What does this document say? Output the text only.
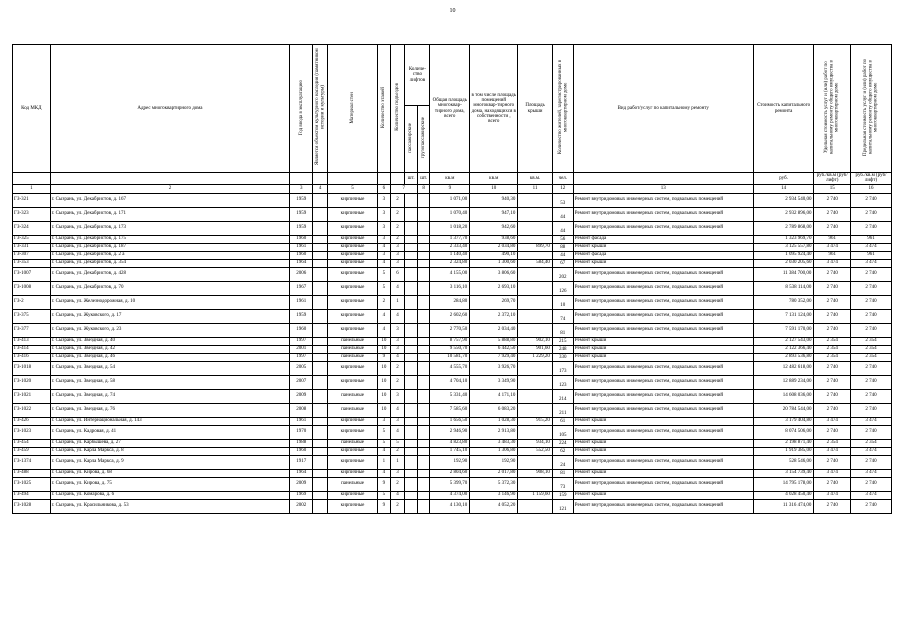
10
Код МКД	Адрес многоквартирного дома	Год ввода в эксплуатацию	Является объектом культурного наследия (памятником истории и культуры)	Материал стен	Количество этажей	Количество подъездов	Количе-ство лифтов		Общая площадь многоквар-тирного дома, всего	в том числе площадь помещений многоквар-тирного дома, находящихся в собственности , всего	Площадь крыши	Количество жителей, зарегистрированных в многоквартирном доме	Вид работ/услуг по капитальному ремонту	Стоимость капитального ремонта	Удельная стоимость услуг и (или) работ по капитальному ремонту общего имущества в многоквартирном доме	Предельная стоимость услуг и (или) работ по капитальному ремонту общего имущества в многоквартирном доме
							пассажирские	грузопассажирские								
							шт.	шт.	кв.м	кв.м	кв.м.	чел.		руб.	руб./кв.м (руб/лифт)	руб./кв.м (руб/лифт)
1	2	3	4	5	6	7		8	9	10	11	12	13	14	15	16
ГЗ-321	г. Сызрань, ул. Декабристов, д. 167	1959		кирпичные	3	2			1 071,00	940,30		53	Ремонт внутридомовых инженерных систем, подвальных помещений	2 934 540,00	2 740	2 740
ГЗ-323	г. Сызрань, ул. Декабристов, д. 171	1959		кирпичные	3	2			1 070,40	947,10		44	Ремонт внутридомовых инженерных систем, подвальных помещений	2 932 896,00	2 740	2 740
ГЗ-324	г. Сызрань, ул. Декабристов, д. 173	1959		кирпичные	3	2			1 018,20	942,60		44	Ремонт внутридомовых инженерных систем, подвальных помещений	2 789 868,00	2 740	2 740
ГЗ-325	г. Сызрань, ул. Декабристов, д. 175	1960		кирпичные	3	2			1 377,70	938,60		56	Ремонт фасада	1 323 969,70	961	961
ГЗ-331	г. Сызрань, ул. Декабристов, д. 187	1961		кирпичные	4	3			2 333,40	2 034,80	899,70	88	Ремонт крыши	3 125 557,80	3 474	3 474
ГЗ-307	г. Сызрань, ул. Декабристов, д. 2 а	1960		кирпичные	3	3			1 140,40	490,10		44	Ремонт фасада	1 095 924,40	961	961
ГЗ-353	г. Сызрань, ул. Декабристов, д. 354	1964		кирпичные	4	3			2 324,80	1 300,60	584,40	67	Ремонт крыши	2 030 205,60	3 474	3 474
ГЗ-1007	г. Сызрань, ул. Декабристов, д. 428	2006		кирпичные	5	6			4 155,00	3 806,60		202	Ремонт внутридомовых инженерных систем, подвальных помещений	11 384 700,00	2 740	2 740
ГЗ-1008	г. Сызрань, ул. Декабристов, д. 70	1967		кирпичные	5	4			3 116,10	2 693,10		126	Ремонт внутридомовых инженерных систем, подвальных помещений	8 538 114,00	2 740	2 740
ГЗ-2	г. Сызрань, ул. Железнодорожная, д. 10	1961		кирпичные	2	1			284,80	269,70		10	Ремонт внутридомовых инженерных систем, подвальных помещений	780 352,00	2 740	2 740
ГЗ-375	г. Сызрань, ул. Жуковского, д. 17	1959		кирпичные	4	4			2 602,60	2 372,10		74	Ремонт внутридомовых инженерных систем, подвальных помещений	7 131 124,00	2 740	2 740
ГЗ-377	г. Сызрань, ул. Жуковского, д. 23	1960		кирпичные	4	3			2 770,50	2 034,40		81	Ремонт внутридомовых инженерных систем, подвальных помещений	7 591 170,00	2 740	2 740
ГЗ-413	г. Сызрань, ул. Звездная, д. 40	1997		панельные	10	3			8 757,90	5 888,80	902,10	215	Ремонт крыши	2 127 543,00	2 354	2 354
ГЗ-414	г. Сызрань, ул. Звездная, д. 42	2001		панельные	10	3			9 550,70	6 442,50	901,60	248	Ремонт крыши	2 122 366,40	2 354	2 354
ГЗ-416	г. Сызрань, ул. Звездная, д. 46	1997		панельные	9	4			10 581,70	7 929,40	1 229,20	330	Ремонт крыши	2 893 536,80	2 354	2 354
ГЗ-1018	г. Сызрань, ул. Звездная, д. 54	2005		кирпичные	10	2			4 555,70	3 926,70		173	Ремонт внутридомовых инженерных систем, подвальных помещений	12 482 618,00	2 740	2 740
ГЗ-1020	г. Сызрань, ул. Звездная, д. 58	2007		кирпичные	10	2			4 704,10	3 349,90		123	Ремонт внутридомовых инженерных систем, подвальных помещений	12 889 234,00	2 740	2 740
ГЗ-1021	г. Сызрань, ул. Звездная, д. 74	2009		панельные	10	3			5 331,40	4 171,10		214	Ремонт внутридомовых инженерных систем, подвальных помещений	14 608 036,00	2 740	2 740
ГЗ-1022	г. Сызрань, ул. Звездная, д. 76	2008		панельные	10	4			7 585,60	6 083,20		211	Ремонт внутридомовых инженерных систем, подвальных помещений	20 784 544,00	2 740	2 740
ГЗ-426	г. Сызрань, ул. Интернациональная, д. 143	1961		кирпичные	3	3			1 656,50	1 028,30	915,20	61	Ремонт крыши	3 179 404,80	3 474	3 474
ГЗ-1023	г. Сызрань, ул. Кадровая, д. 41	1970		кирпичные	5	4			2 946,90	2 913,80		105	Ремонт внутридомовых инженерных систем, подвальных помещений	8 074 506,00	2 740	2 740
ГЗ-454	г. Сызрань, ул. Карбышева, д. 27	1988		панельные	5	5			4 823,80	3 483,30	934,10	224	Ремонт крыши	2 198 871,40	2 354	2 354
ГЗ-459	г. Сызрань, ул. Карла Маркса, д. 8	1960		кирпичные	4	2			1 745,10	1 306,80	552,50	62	Ремонт крыши	1 919 385,00	3 474	3 474
ГЗ-1374	г. Сызрань, ул. Карла Маркса, д. 9	1917		кирпичные	1	1			192,90	192,90		24	Ремонт внутридомовых инженерных систем, подвальных помещений	528 546,00	2 740	2 740
ГЗ-488	г. Сызрань, ул. Кирова, д. 68	1964		кирпичные	4	3			2 804,60	2 017,80	908,10	81	Ремонт крыши	3 154 739,40	3 474	3 474
ГЗ-1025	г. Сызрань, ул. Кирова, д. 75	2009		панельные	9	2			5 399,70	5 372,30		73	Ремонт внутридомовых инженерных систем, подвальных помещений	14 795 178,00	2 740	2 740
ГЗ-494	г. Сызрань, ул. Комарова, д. 6	1969		кирпичные	5	4			4 374,00	3 146,90	1 159,60	159	Ремонт крыши	4 028 450,40	3 474	3 474
ГЗ-1028	г. Сызрань, ул. Красильникова, д. 53	2002		кирпичные	9	2			4 130,10	4 052,20		121	Ремонт внутридомовых инженерных систем, подвальных помещений	11 316 474,00	2 740	2 740
